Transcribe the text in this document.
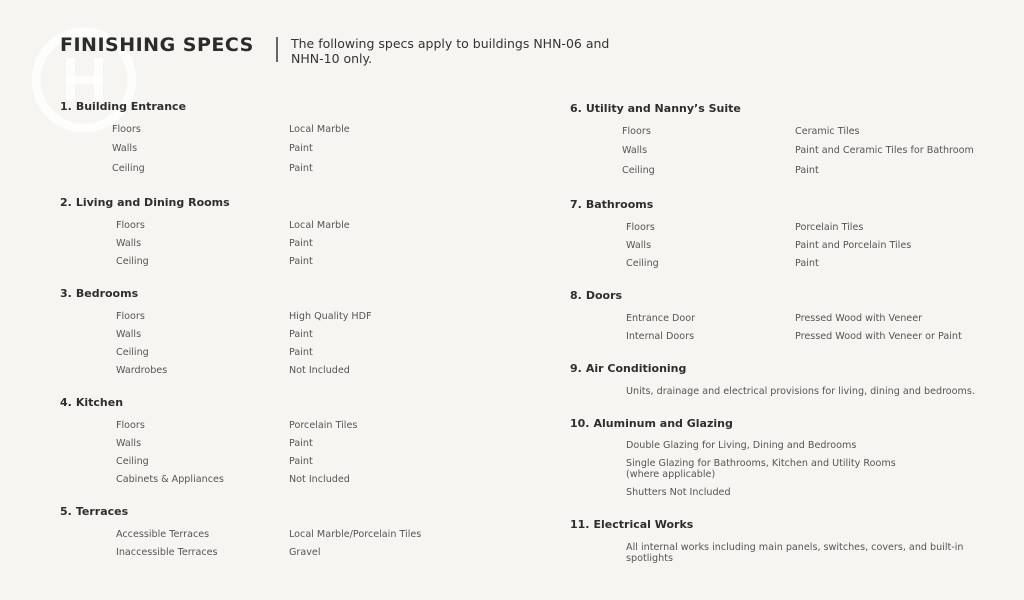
FINISHING SPECS	The following specs apply to buildings NHN-06 and NHN-10 only.
1. Building Entrance
Floors	Local Marble
Walls	Paint
Ceiling	Paint
2. Living and Dining Rooms
Floors	Local Marble
Walls	Paint
Ceiling	Paint
3. Bedrooms
Floors	High Quality HDF
Walls	Paint
Ceiling	Paint
Wardrobes	Not Included
4. Kitchen
Floors	Porcelain Tiles
Walls	Paint
Ceiling	Paint
Cabinets & Appliances	Not Included
5. Terraces
Accessible Terraces	Local Marble/Porcelain Tiles
Inaccessible Terraces	Gravel
6. Utility and Nanny’s Suite
Floors	Ceramic Tiles
Walls	Paint and Ceramic Tiles for Bathroom
Ceiling	Paint
7. Bathrooms
Floors	Porcelain Tiles
Walls	Paint and Porcelain Tiles
Ceiling	Paint
8. Doors
Entrance Door	Pressed Wood with Veneer
Internal Doors	Pressed Wood with Veneer or Paint
9. Air Conditioning
Units, drainage and electrical provisions for living, dining and bedrooms.
10. Aluminum and Glazing
Double Glazing for Living, Dining and Bedrooms
Single Glazing for Bathrooms, Kitchen and Utility Rooms (where applicable)
Shutters Not Included
11. Electrical Works
All internal works including main panels, switches, covers, and built-in spotlights
